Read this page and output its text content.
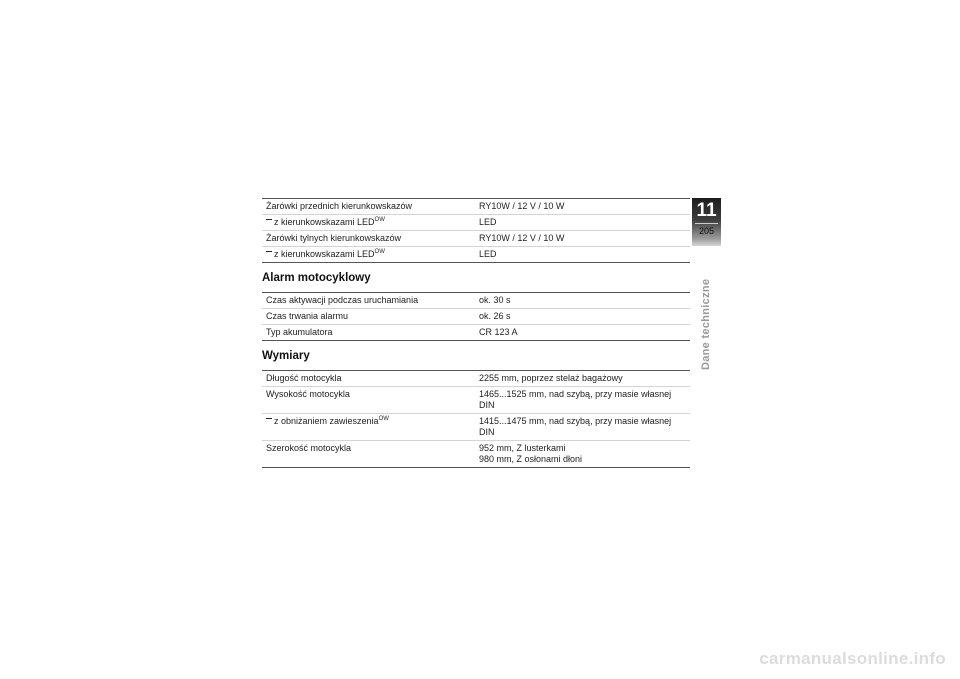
Żarówki przednich kierunkowskazów	RY10W / 12 V / 10 W
z kierunkowskazami $LED^{OW}$	LED
Żarówki tylnych kierunkowskazów	RY10W / 12 V / 10 W
z kierunkowskazami $LED^{OW}$	LED
Alarm motocyklowy
Czas aktywacji podczas uruchamiania	ok. 30 s
Czas trwania alarmu	ok. 26 s
Typ akumulatora	CR 123 A
Wymiary
Długość motocykla	2255 mm, poprzez stelaż bagażowy
Wysokość motocykla	1465...1525 mm, nad szybą, przy masie własnej
DIN

z obniżaniem zawieszenia$^{OW}$	1415...1475 mm, nad szybą, przy masie własnej
DIN

Szerokość motocykla	952 mm, Z lusterkami
980 mm, Z osłonami dłoni
11
205
Dane techniczne
carmanualsonline.info
